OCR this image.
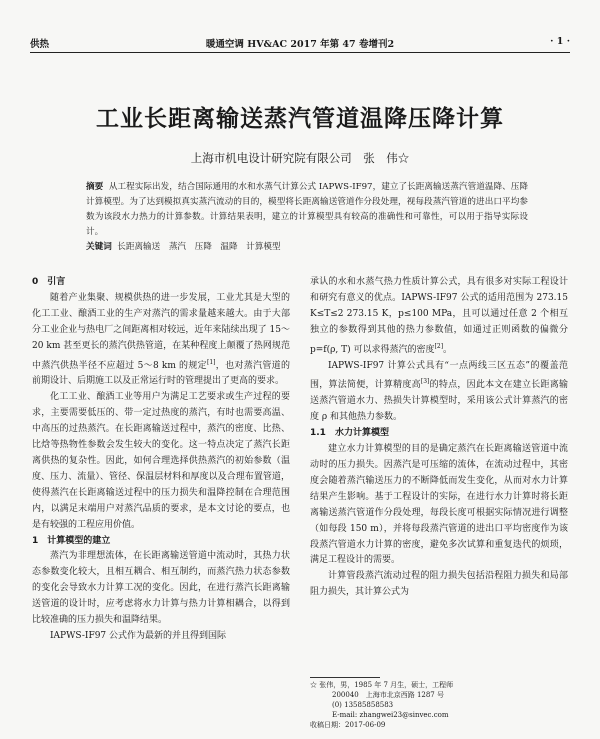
供热	暖通空调 HV&AC 2017 年第 47 卷增刊2	· 1 ·
工业长距离输送蒸汽管道温降压降计算
上海市机电设计研究院有限公司　张　伟☆
摘要 从工程实际出发，结合国际通用的水和水蒸气计算公式 IAPWS-IF97，建立了长距离输送蒸汽管道温降、压降计算模型。为了达到模拟真实蒸汽流动的目的，模型将长距离输送管道作分段处理，视每段蒸汽管道的进出口平均参数为该段水力热力的计算参数。计算结果表明，建立的计算模型具有较高的准确性和可靠性，可以用于指导实际设计。
关键词 长距离输送　蒸汽　压降　温降　计算模型
0　引言

随着产业集聚、规模供热的进一步发展，工业尤其是大型的化工工业、酿酒工业的生产对蒸汽的需求量越来越大。由于大部分工业企业与热电厂之间距离相对较远，近年来陆续出现了 15～20 km 甚至更长的蒸汽供热管道，在某种程度上颠覆了热网规范中蒸汽供热半径不应超过 5～8 km 的规定[1]，也对蒸汽管道的前期设计、后期施工以及正常运行时的管理提出了更高的要求。

化工工业、酿酒工业等用户为满足工艺要求或生产过程的要求，主要需要低压的、带一定过热度的蒸汽，有时也需要高温、中高压的过热蒸汽。在长距离输送过程中，蒸汽的密度、比热、比焓等热物性参数会发生较大的变化。这一特点决定了蒸汽长距离供热的复杂性。因此，如何合理选择供热蒸汽的初始参数（温度、压力、流量）、管径、保温层材料和厚度以及合理布置管道，使得蒸汽在长距离输送过程中的压力损失和温降控制在合理范围内，以满足末端用户对蒸汽品质的要求，是本文讨论的要点，也是有较强的工程应用价值。

1　计算模型的建立

蒸汽为非理想流体，在长距离输送管道中流动时，其热力状态参数变化较大，且相互耦合、相互制约，而蒸汽热力状态参数的变化会导致水力计算工况的变化。因此，在进行蒸汽长距离输送管道的设计时，应考虑将水力计算与热力计算相耦合，以得到比较准确的压力损失和温降结果。

IAPWS-IF97 公式作为最新的并且得到国际

承认的水和水蒸气热力性质计算公式，具有很多对实际工程设计和研究有意义的优点。IAPWS-IF97 公式的适用范围为 273.15 K≤T≤2 273.15 K，p≤100 MPa，且可以通过任意 2 个相互独立的参数得到其他的热力参数值，如通过正则函数的偏微分 p=f(ρ, T) 可以求得蒸汽的密度[2]。

IAPWS-IF97 计算公式具有“一点两线三区五态”的覆盖范围，算法简便，计算精度高[3]的特点，因此本文在建立长距离输送蒸汽管道水力、热损失计算模型时，采用该公式计算蒸汽的密度 ρ 和其他热力参数。

1.1　水力计算模型

建立水力计算模型的目的是确定蒸汽在长距离输送管道中流动时的压力损失。因蒸汽是可压缩的流体，在流动过程中，其密度会随着蒸汽输送压力的不断降低而发生变化，从而对水力计算结果产生影响。基于工程设计的实际，在进行水力计算时将长距离输送蒸汽管道作分段处理，每段长度可根据实际情况进行调整（如每段 150 m），并将每段蒸汽管道的进出口平均密度作为该段蒸汽管道水力计算的密度，避免多次试算和重复迭代的烦琐，满足工程设计的需要。

计算管段蒸汽流动过程的阻力损失包括沿程阻力损失和局部阻力损失，其计算公式为

☆ 张伟，男，1985 年 7 月生，硕士，工程师
200040　上海市北京西路 1287 号
(0) 13585858583
E-mail: zhangwei23@sinvec.com
收稿日期：2017-06-09
